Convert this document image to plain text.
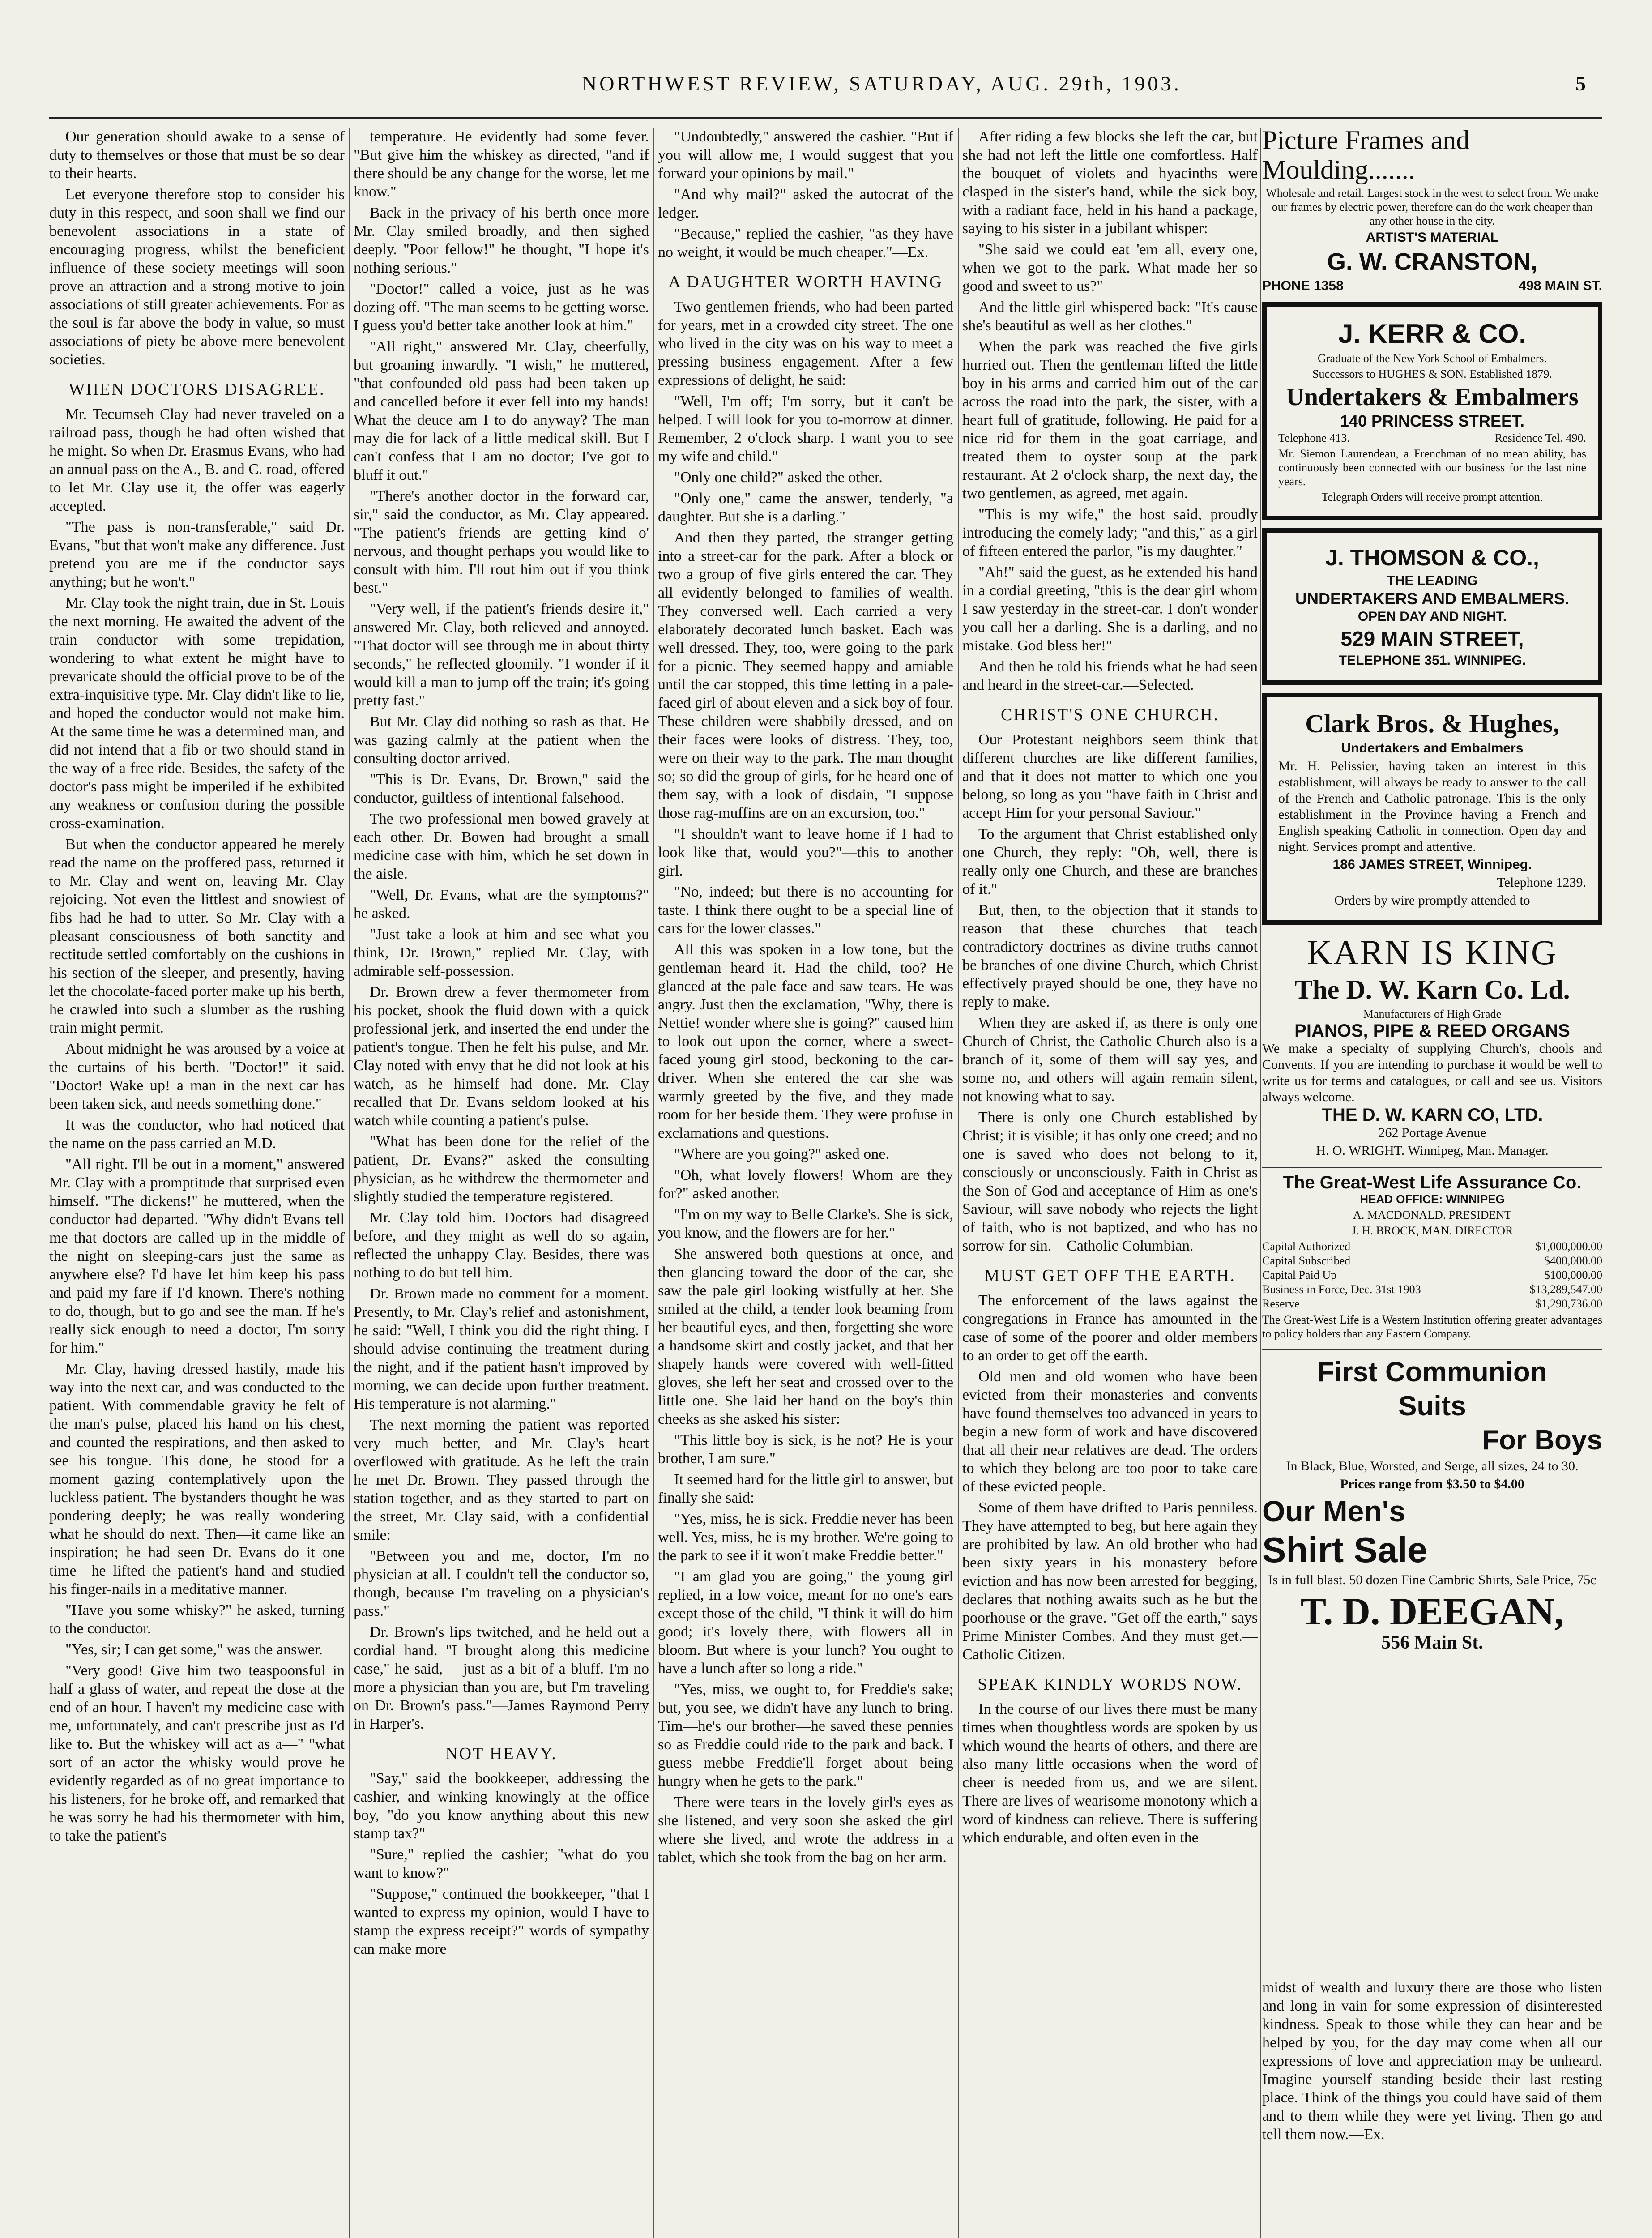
NORTHWEST REVIEW, SATURDAY, AUG. 29th, 1903.	5

Our generation should awake to a sense of duty to themselves or those that must be so dear to their hearts.

Let everyone therefore stop to consider his duty in this respect, and soon shall we find our benevolent associations in a state of encouraging progress, whilst the beneficient influence of these society meetings will soon prove an attraction and a strong motive to join associations of still greater achievements. For as the soul is far above the body in value, so must associations of piety be above mere benevolent societies.

WHEN DOCTORS DISAGREE.

Mr. Tecumseh Clay had never traveled on a railroad pass, though he had often wished that he might. So when Dr. Erasmus Evans, who had an annual pass on the A., B. and C. road, offered to let Mr. Clay use it, the offer was eagerly accepted.

"The pass is non-transferable," said Dr. Evans, "but that won't make any difference. Just pretend you are me if the conductor says anything; but he won't."

Mr. Clay took the night train, due in St. Louis the next morning. He awaited the advent of the train conductor with some trepidation, wondering to what extent he might have to prevaricate should the official prove to be of the extra-inquisitive type. Mr. Clay didn't like to lie, and hoped the conductor would not make him. At the same time he was a determined man, and did not intend that a fib or two should stand in the way of a free ride. Besides, the safety of the doctor's pass might be imperiled if he exhibited any weakness or confusion during the possible cross-examination.

But when the conductor appeared he merely read the name on the proffered pass, returned it to Mr. Clay and went on, leaving Mr. Clay rejoicing. Not even the littlest and snowiest of fibs had he had to utter. So Mr. Clay with a pleasant consciousness of both sanctity and rectitude settled comfortably on the cushions in his section of the sleeper, and presently, having let the chocolate-faced porter make up his berth, he crawled into such a slumber as the rushing train might permit.

About midnight he was aroused by a voice at the curtains of his berth. "Doctor!" it said. "Doctor! Wake up! a man in the next car has been taken sick, and needs something done."

It was the conductor, who had noticed that the name on the pass carried an M.D.

"All right. I'll be out in a moment," answered Mr. Clay with a promptitude that surprised even himself. "The dickens!" he muttered, when the conductor had departed. "Why didn't Evans tell me that doctors are called up in the middle of the night on sleeping-cars just the same as anywhere else? I'd have let him keep his pass and paid my fare if I'd known. There's nothing to do, though, but to go and see the man. If he's really sick enough to need a doctor, I'm sorry for him."

Mr. Clay, having dressed hastily, made his way into the next car, and was conducted to the patient. With commendable gravity he felt of the man's pulse, placed his hand on his chest, and counted the respirations, and then asked to see his tongue. This done, he stood for a moment gazing contemplatively upon the luckless patient. The bystanders thought he was pondering deeply; he was really wondering what he should do next. Then—it came like an inspiration; he had seen Dr. Evans do it one time—he lifted the patient's hand and studied his finger-nails in a meditative manner.

"Have you some whisky?" he asked, turning to the conductor.

"Yes, sir; I can get some," was the answer.

"Very good! Give him two teaspoonsful in half a glass of water, and repeat the dose at the end of an hour. I haven't my medicine case with me, unfortunately, and can't prescribe just as I'd like to. But the whiskey will act as a—" "what sort of an actor the whisky would prove he evidently regarded as of no great importance to his listeners, for he broke off, and remarked that he was sorry he had his thermometer with him, to take the patient's

temperature. He evidently had some fever. "But give him the whiskey as directed, "and if there should be any change for the worse, let me know."

Back in the privacy of his berth once more Mr. Clay smiled broadly, and then sighed deeply. "Poor fellow!" he thought, "I hope it's nothing serious."

"Doctor!" called a voice, just as he was dozing off. "The man seems to be getting worse. I guess you'd better take another look at him."

"All right," answered Mr. Clay, cheerfully, but groaning inwardly. "I wish," he muttered, "that confounded old pass had been taken up and cancelled before it ever fell into my hands! What the deuce am I to do anyway? The man may die for lack of a little medical skill. But I can't confess that I am no doctor; I've got to bluff it out."

"There's another doctor in the forward car, sir," said the conductor, as Mr. Clay appeared. "The patient's friends are getting kind o' nervous, and thought perhaps you would like to consult with him. I'll rout him out if you think best."

"Very well, if the patient's friends desire it," answered Mr. Clay, both relieved and annoyed. "That doctor will see through me in about thirty seconds," he reflected gloomily. "I wonder if it would kill a man to jump off the train; it's going pretty fast."

But Mr. Clay did nothing so rash as that. He was gazing calmly at the patient when the consulting doctor arrived.

"This is Dr. Evans, Dr. Brown," said the conductor, guiltless of intentional falsehood.

The two professional men bowed gravely at each other. Dr. Bowen had brought a small medicine case with him, which he set down in the aisle.

"Well, Dr. Evans, what are the symptoms?" he asked.

"Just take a look at him and see what you think, Dr. Brown," replied Mr. Clay, with admirable self-possession.

Dr. Brown drew a fever thermometer from his pocket, shook the fluid down with a quick professional jerk, and inserted the end under the patient's tongue. Then he felt his pulse, and Mr. Clay noted with envy that he did not look at his watch, as he himself had done. Mr. Clay recalled that Dr. Evans seldom looked at his watch while counting a patient's pulse.

"What has been done for the relief of the patient, Dr. Evans?" asked the consulting physician, as he withdrew the thermometer and slightly studied the temperature registered.

Mr. Clay told him. Doctors had disagreed before, and they might as well do so again, reflected the unhappy Clay. Besides, there was nothing to do but tell him.

Dr. Brown made no comment for a moment. Presently, to Mr. Clay's relief and astonishment, he said: "Well, I think you did the right thing. I should advise continuing the treatment during the night, and if the patient hasn't improved by morning, we can decide upon further treatment. His temperature is not alarming."

The next morning the patient was reported very much better, and Mr. Clay's heart overflowed with gratitude. As he left the train he met Dr. Brown. They passed through the station together, and as they started to part on the street, Mr. Clay said, with a confidential smile:

"Between you and me, doctor, I'm no physician at all. I couldn't tell the conductor so, though, because I'm traveling on a physician's pass."

Dr. Brown's lips twitched, and he held out a cordial hand. "I brought along this medicine case," he said, —just as a bit of a bluff. I'm no more a physician than you are, but I'm traveling on Dr. Brown's pass."—James Raymond Perry in Harper's.

NOT HEAVY.

"Say," said the bookkeeper, addressing the cashier, and winking knowingly at the office boy, "do you know anything about this new stamp tax?"

"Sure," replied the cashier; "what do you want to know?"

"Suppose," continued the bookkeeper, "that I wanted to express my opinion, would I have to stamp the express receipt?" words of sympathy can make more

"Undoubtedly," answered the cashier. "But if you will allow me, I would suggest that you forward your opinions by mail."

"And why mail?" asked the autocrat of the ledger.

"Because," replied the cashier, "as they have no weight, it would be much cheaper."—Ex.

A DAUGHTER WORTH HAVING

Two gentlemen friends, who had been parted for years, met in a crowded city street. The one who lived in the city was on his way to meet a pressing business engagement. After a few expressions of delight, he said:

"Well, I'm off; I'm sorry, but it can't be helped. I will look for you to-morrow at dinner. Remember, 2 o'clock sharp. I want you to see my wife and child."

"Only one child?" asked the other.

"Only one," came the answer, tenderly, "a daughter. But she is a darling."

And then they parted, the stranger getting into a street-car for the park. After a block or two a group of five girls entered the car. They all evidently belonged to families of wealth. They conversed well. Each carried a very elaborately decorated lunch basket. Each was well dressed. They, too, were going to the park for a picnic. They seemed happy and amiable until the car stopped, this time letting in a pale-faced girl of about eleven and a sick boy of four. These children were shabbily dressed, and on their faces were looks of distress. They, too, were on their way to the park. The man thought so; so did the group of girls, for he heard one of them say, with a look of disdain, "I suppose those rag-muffins are on an excursion, too."

"I shouldn't want to leave home if I had to look like that, would you?"—this to another girl.

"No, indeed; but there is no accounting for taste. I think there ought to be a special line of cars for the lower classes."

All this was spoken in a low tone, but the gentleman heard it. Had the child, too? He glanced at the pale face and saw tears. He was angry. Just then the exclamation, "Why, there is Nettie! wonder where she is going?" caused him to look out upon the corner, where a sweet-faced young girl stood, beckoning to the car-driver. When she entered the car she was warmly greeted by the five, and they made room for her beside them. They were profuse in exclamations and questions.

"Where are you going?" asked one.

"Oh, what lovely flowers! Whom are they for?" asked another.

"I'm on my way to Belle Clarke's. She is sick, you know, and the flowers are for her."

She answered both questions at once, and then glancing toward the door of the car, she saw the pale girl looking wistfully at her. She smiled at the child, a tender look beaming from her beautiful eyes, and then, forgetting she wore a handsome skirt and costly jacket, and that her shapely hands were covered with well-fitted gloves, she left her seat and crossed over to the little one. She laid her hand on the boy's thin cheeks as she asked his sister:

"This little boy is sick, is he not? He is your brother, I am sure."

It seemed hard for the little girl to answer, but finally she said:

"Yes, miss, he is sick. Freddie never has been well. Yes, miss, he is my brother. We're going to the park to see if it won't make Freddie better."

"I am glad you are going," the young girl replied, in a low voice, meant for no one's ears except those of the child, "I think it will do him good; it's lovely there, with flowers all in bloom. But where is your lunch? You ought to have a lunch after so long a ride."

"Yes, miss, we ought to, for Freddie's sake; but, you see, we didn't have any lunch to bring. Tim—he's our brother—he saved these pennies so as Freddie could ride to the park and back. I guess mebbe Freddie'll forget about being hungry when he gets to the park."

There were tears in the lovely girl's eyes as she listened, and very soon she asked the girl where she lived, and wrote the address in a tablet, which she took from the bag on her arm.

After riding a few blocks she left the car, but she had not left the little one comfortless. Half the bouquet of violets and hyacinths were clasped in the sister's hand, while the sick boy, with a radiant face, held in his hand a package, saying to his sister in a jubilant whisper:

"She said we could eat 'em all, every one, when we got to the park. What made her so good and sweet to us?"

And the little girl whispered back: "It's cause she's beautiful as well as her clothes."

When the park was reached the five girls hurried out. Then the gentleman lifted the little boy in his arms and carried him out of the car across the road into the park, the sister, with a heart full of gratitude, following. He paid for a nice rid for them in the goat carriage, and treated them to oyster soup at the park restaurant. At 2 o'clock sharp, the next day, the two gentlemen, as agreed, met again.

"This is my wife," the host said, proudly introducing the comely lady; "and this," as a girl of fifteen entered the parlor, "is my daughter."

"Ah!" said the guest, as he extended his hand in a cordial greeting, "this is the dear girl whom I saw yesterday in the street-car. I don't wonder you call her a darling. She is a darling, and no mistake. God bless her!"

And then he told his friends what he had seen and heard in the street-car.—Selected.

CHRIST'S ONE CHURCH.

Our Protestant neighbors seem think that different churches are like different families, and that it does not matter to which one you belong, so long as you "have faith in Christ and accept Him for your personal Saviour."

To the argument that Christ established only one Church, they reply: "Oh, well, there is really only one Church, and these are branches of it."

But, then, to the objection that it stands to reason that these churches that teach contradictory doctrines as divine truths cannot be branches of one divine Church, which Christ effectively prayed should be one, they have no reply to make.

When they are asked if, as there is only one Church of Christ, the Catholic Church also is a branch of it, some of them will say yes, and some no, and others will again remain silent, not knowing what to say.

There is only one Church established by Christ; it is visible; it has only one creed; and no one is saved who does not belong to it, consciously or unconsciously. Faith in Christ as the Son of God and acceptance of Him as one's Saviour, will save nobody who rejects the light of faith, who is not baptized, and who has no sorrow for sin.—Catholic Columbian.

MUST GET OFF THE EARTH.

The enforcement of the laws against the congregations in France has amounted in the case of some of the poorer and older members to an order to get off the earth.

Old men and old women who have been evicted from their monasteries and convents have found themselves too advanced in years to begin a new form of work and have discovered that all their near relatives are dead. The orders to which they belong are too poor to take care of these evicted people.

Some of them have drifted to Paris penniless. They have attempted to beg, but here again they are prohibited by law. An old brother who had been sixty years in his monastery before eviction and has now been arrested for begging, declares that nothing awaits such as he but the poorhouse or the grave. "Get off the earth," says Prime Minister Combes. And they must get.—Catholic Citizen.

SPEAK KINDLY WORDS NOW.

In the course of our lives there must be many times when thoughtless words are spoken by us which wound the hearts of others, and there are also many little occasions when the word of cheer is needed from us, and we are silent. There are lives of wearisome monotony which a word of kindness can relieve. There is suffering which endurable, and often even in the

Picture Frames and Moulding.......

Wholesale and retail. Largest stock in the west to select from. We make our frames by electric power, therefore can do the work cheaper than any other house in the city.

ARTIST'S MATERIAL

G. W. CRANSTON,

PHONE 1358	498 MAIN ST.

J. KERR & CO.

Graduate of the New York School of Embalmers.

Successors to HUGHES & SON. Established 1879.

Undertakers & Embalmers

140 PRINCESS STREET.

Telephone 413.	Residence Tel. 490.

Mr. Siemon Laurendeau, a Frenchman of no mean ability, has continuously been connected with our business for the last nine years.

Telegraph Orders will receive prompt attention.

J. THOMSON & CO.,

THE LEADING

UNDERTAKERS AND EMBALMERS.

OPEN DAY AND NIGHT.

529 MAIN STREET,

TELEPHONE 351. WINNIPEG.

Clark Bros. & Hughes,

Undertakers and Embalmers

Mr. H. Pelissier, having taken an interest in this establishment, will always be ready to answer to the call of the French and Catholic patronage. This is the only establishment in the Province having a French and English speaking Catholic in connection. Open day and night. Services prompt and attentive.

186 JAMES STREET, Winnipeg.

Telephone 1239.

Orders by wire promptly attended to

KARN IS KING

The D. W. Karn Co. Ld.

Manufacturers of High Grade

PIANOS, PIPE & REED ORGANS

We make a specialty of supplying Church's, chools and Convents. If you are intending to purchase it would be well to write us for terms and catalogues, or call and see us. Visitors always welcome.

THE D. W. KARN CO, LTD.

262 Portage Avenue

H. O. WRIGHT. Winnipeg, Man. Manager.

The Great-West Life Assurance Co.

HEAD OFFICE: WINNIPEG

A. MACDONALD. PRESIDENT

J. H. BROCK, MAN. DIRECTOR

Capital Authorized	$1,000,000.00
Capital Subscribed	$400,000.00
Capital Paid Up	$100,000.00
Business in Force, Dec. 31st 1903	$13,289,547.00
Reserve	$1,290,736.00

The Great-West Life is a Western Institution offering greater advantages to policy holders than any Eastern Company.

First Communion

Suits

For Boys

In Black, Blue, Worsted, and Serge, all sizes, 24 to 30.

Prices range from $3.50 to $4.00

Our Men's

Shirt Sale

Is in full blast. 50 dozen Fine Cambric Shirts, Sale Price, 75c

T. D. DEEGAN,

556 Main St.

midst of wealth and luxury there are those who listen and long in vain for some expression of disinterested kindness. Speak to those while they can hear and be helped by you, for the day may come when all our expressions of love and appreciation may be unheard. Imagine yourself standing beside their last resting place. Think of the things you could have said of them and to them while they were yet living. Then go and tell them now.—Ex.
